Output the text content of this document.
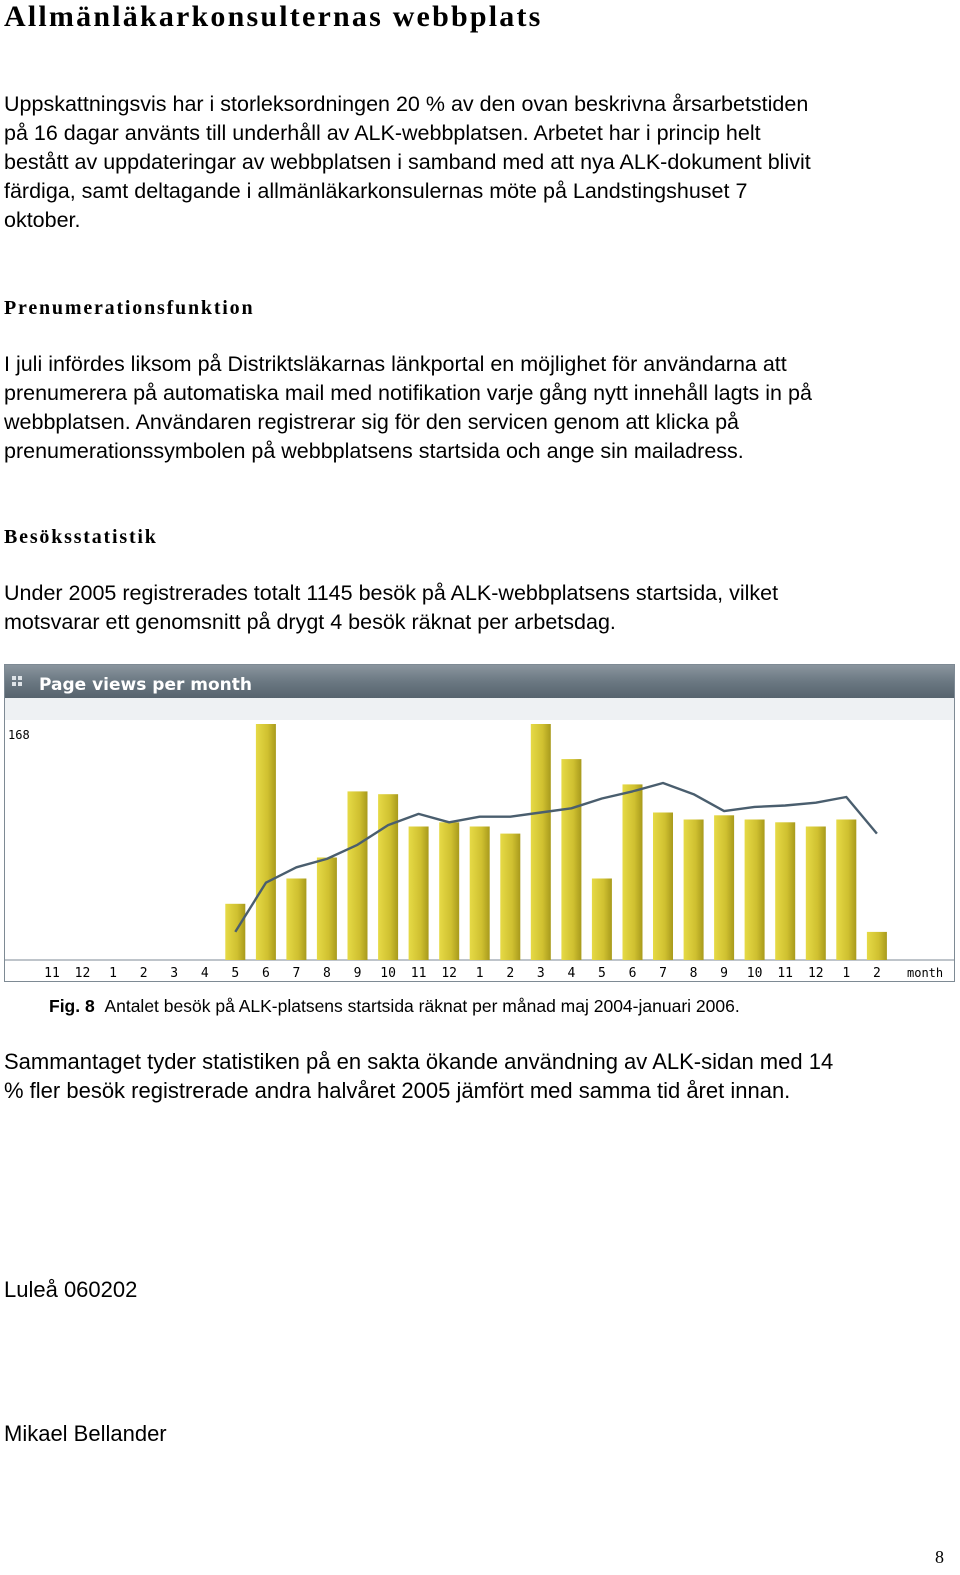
Allmänläkarkonsulternas webbplats
Uppskattningsvis har i storleksordningen 20 % av den ovan beskrivna årsarbetstiden
på 16 dagar använts till underhåll av ALK-webbplatsen. Arbetet har i princip helt
bestått av uppdateringar av webbplatsen i samband med att nya ALK-dokument blivit
färdiga, samt deltagande i allmänläkarkonsulernas möte på Landstingshuset 7
oktober.
Prenumerationsfunktion
I juli infördes liksom på Distriktsläkarnas länkportal en möjlighet för användarna att
prenumerera på automatiska mail med notifikation varje gång nytt innehåll lagts in på
webbplatsen. Användaren registrerar sig för den servicen genom att klicka på
prenumerationssymbolen på webbplatsens startsida och ange sin mailadress.
Besöksstatistik
Under 2005 registrerades totalt 1145 besök på ALK-webbplatsens startsida, vilket
motsvarar ett genomsnitt på drygt 4 besök räknat per arbetsdag.
Page views per month
168
11 12 1 2 3 4 5 6 7 8 9 10 11 12 1 2 3 4 5 6 7 8 9 10 11 12 1 2 month
Fig. 8 Antalet besök på ALK-platsens startsida räknat per månad maj 2004-januari 2006.
Sammantaget tyder statistiken på en sakta ökande användning av ALK-sidan med 14
% fler besök registrerade andra halvåret 2005 jämfört med samma tid året innan.
Luleå 060202
Mikael Bellander
8
